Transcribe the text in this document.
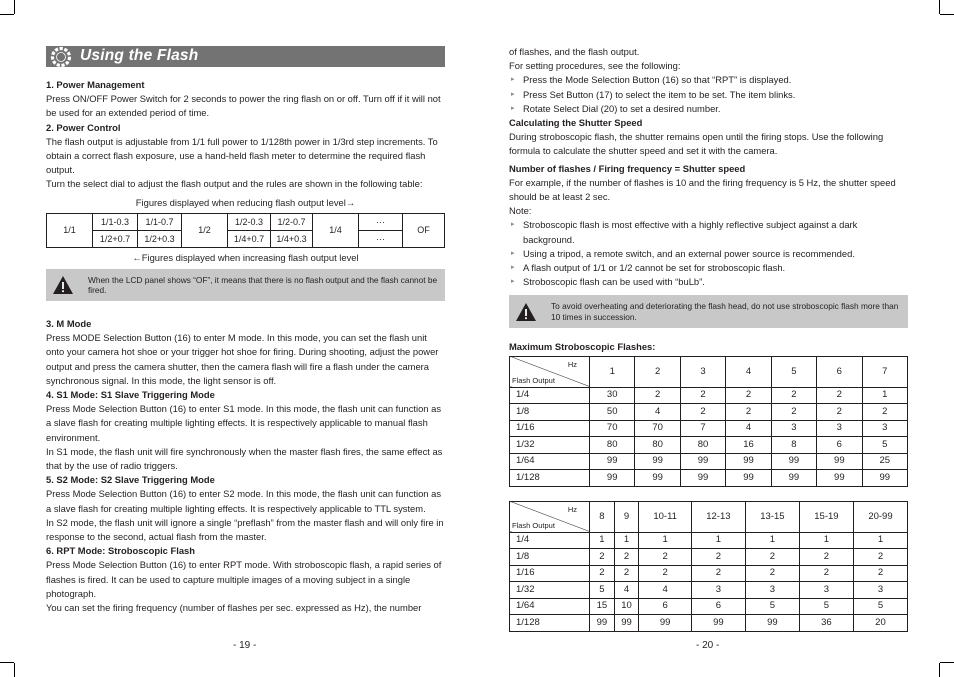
Using the Flash

1. Power Management

Press ON/OFF Power Switch for 2 seconds to power the ring flash on or off. Turn off if it will not be used for an extended period of time.

2. Power Control

The flash output is adjustable from 1/1 full power to 1/128th power in 1/3rd step increments. To obtain a correct flash exposure, use a hand-held flash meter to determine the required flash output.

Turn the select dial to adjust the flash output and the rules are shown in the following table:

Figures displayed when reducing flash output level→

1/1	1/1-0.3	1/1-0.7	1/2	1/2-0.3	1/2-0.7	1/4	···	OF
	1/2+0.7	1/2+0.3		1/4+0.7	1/4+0.3		···	

←Figures displayed when increasing flash output level

When the LCD panel shows “OF”, it means that there is no flash output and the flash cannot be fired.

3. M Mode

Press MODE Selection Button (16) to enter M mode. In this mode, you can set the flash unit onto your camera hot shoe or your trigger hot shoe for firing. During shooting, adjust the power output and press the camera shutter, then the camera flash will fire a flash under the camera synchronous signal. In this mode, the light sensor is off.

4. S1 Mode: S1 Slave Triggering Mode

Press Mode Selection Button (16) to enter S1 mode. In this mode, the flash unit can function as a slave flash for creating multiple lighting effects. It is respectively applicable to manual flash environment.

In S1 mode, the flash unit will fire synchronously when the master flash fires, the same effect as that by the use of radio triggers.

5. S2 Mode: S2 Slave Triggering Mode

Press Mode Selection Button (16) to enter S2 mode. In this mode, the flash unit can function as a slave flash for creating multiple lighting effects. It is respectively applicable to TTL system.

In S2 mode, the flash unit will ignore a single “preflash” from the master flash and will only fire in response to the second, actual flash from the master.

6. RPT Mode: Stroboscopic Flash

Press Mode Selection Button (16) to enter RPT mode. With stroboscopic flash, a rapid series of flashes is fired. It can be used to capture multiple images of a moving subject in a single photograph.

You can set the firing frequency (number of flashes per sec. expressed as Hz), the number

- 19 -

of flashes, and the flash output.

For setting procedures, see the following:

▸ Press the Mode Selection Button (16) so that “RPT” is displayed.

▸ Press Set Button (17) to select the item to be set. The item blinks.

▸ Rotate Select Dial (20) to set a desired number.

Calculating the Shutter Speed

During stroboscopic flash, the shutter remains open until the firing stops. Use the following formula to calculate the shutter speed and set it with the camera.

Number of flashes / Firing frequency = Shutter speed

For example, if the number of flashes is 10 and the firing frequency is 5 Hz, the shutter speed should be at least 2 sec.

Note:

▸ Stroboscopic flash is most effective with a highly reflective subject against a dark background.

▸ Using a tripod, a remote switch, and an external power source is recommended.

▸ A flash output of 1/1 or 1/2 cannot be set for stroboscopic flash.

▸ Stroboscopic flash can be used with “buLb”.

To avoid overheating and deteriorating the flash head, do not use stroboscopic flash more than 10 times in succession.

Maximum Stroboscopic Flashes:

Hz
Flash Output	1	2	3	4	5	6	7
1/4	30	2	2	2	2	2	1
1/8	50	4	2	2	2	2	2
1/16	70	70	7	4	3	3	3
1/32	80	80	80	16	8	6	5
1/64	99	99	99	99	99	99	25
1/128	99	99	99	99	99	99	99
Hz
Flash Output	8	9	10-11	12-13	13-15	15-19	20-99
1/4	1	1	1	1	1	1	1
1/8	2	2	2	2	2	2	2
1/16	2	2	2	2	2	2	2
1/32	5	4	4	3	3	3	3
1/64	15	10	6	6	5	5	5
1/128	99	99	99	99	99	36	20
- 20 -
